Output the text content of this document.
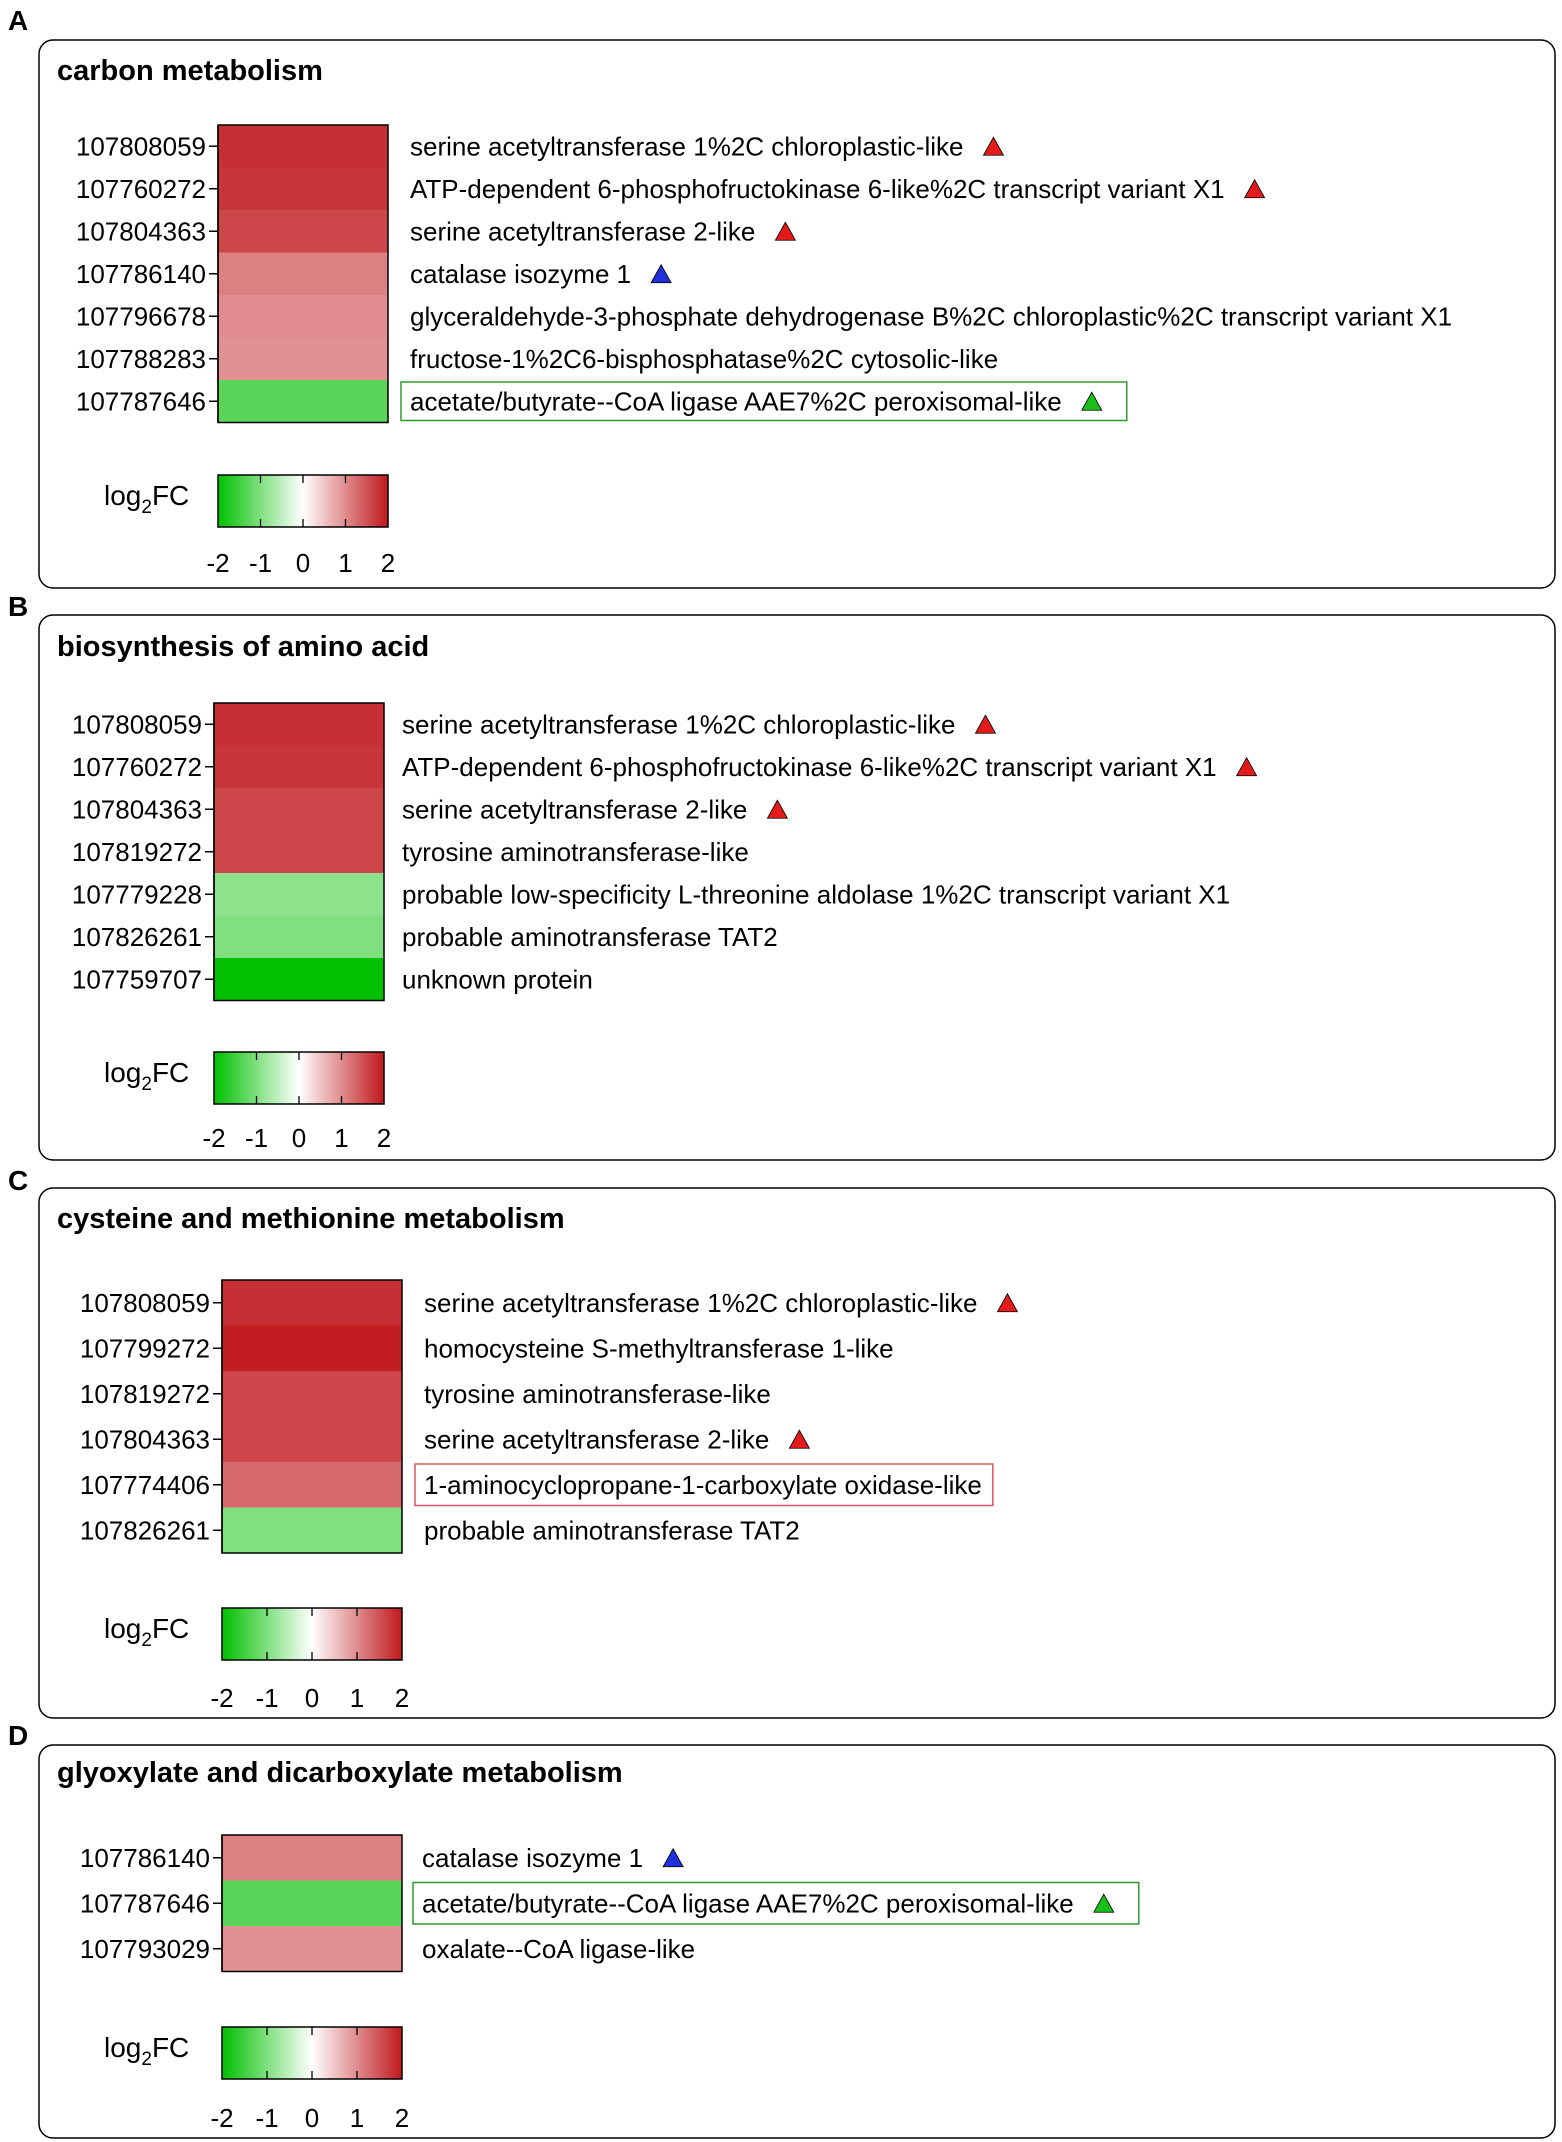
A
carbon metabolism
107808059	serine acetyltransferase 1%2C chloroplastic-like
107760272	ATP-dependent 6-phosphofructokinase 6-like%2C transcript variant X1
107804363	serine acetyltransferase 2-like
107786140	catalase isozyme 1
107796678	glyceraldehyde-3-phosphate dehydrogenase B%2C chloroplastic%2C transcript variant X1
107788283	fructose-1%2C6-bisphosphatase%2C cytosolic-like
107787646	acetate/butyrate--CoA ligase AAE7%2C peroxisomal-like
$\log_2FC$
-2 -1 0 1 2
B
biosynthesis of amino acid
107808059	serine acetyltransferase 1%2C chloroplastic-like
107760272	ATP-dependent 6-phosphofructokinase 6-like%2C transcript variant X1
107804363	serine acetyltransferase 2-like
107819272	tyrosine aminotransferase-like
107779228	probable low-specificity L-threonine aldolase 1%2C transcript variant X1
107826261	probable aminotransferase TAT2
107759707	unknown protein
$\log_2FC$
-2 -1 0 1 2
C
cysteine and methionine metabolism
107808059	serine acetyltransferase 1%2C chloroplastic-like
107799272	homocysteine S-methyltransferase 1-like
107819272	tyrosine aminotransferase-like
107804363	serine acetyltransferase 2-like
107774406	1-aminocyclopropane-1-carboxylate oxidase-like
107826261	probable aminotransferase TAT2
$\log_2FC$
-2 -1 0 1 2
D
glyoxylate and dicarboxylate metabolism
107786140	catalase isozyme 1
107787646	acetate/butyrate--CoA ligase AAE7%2C peroxisomal-like
107793029	oxalate--CoA ligase-like
$\log_2FC$
-2 -1 0 1 2
